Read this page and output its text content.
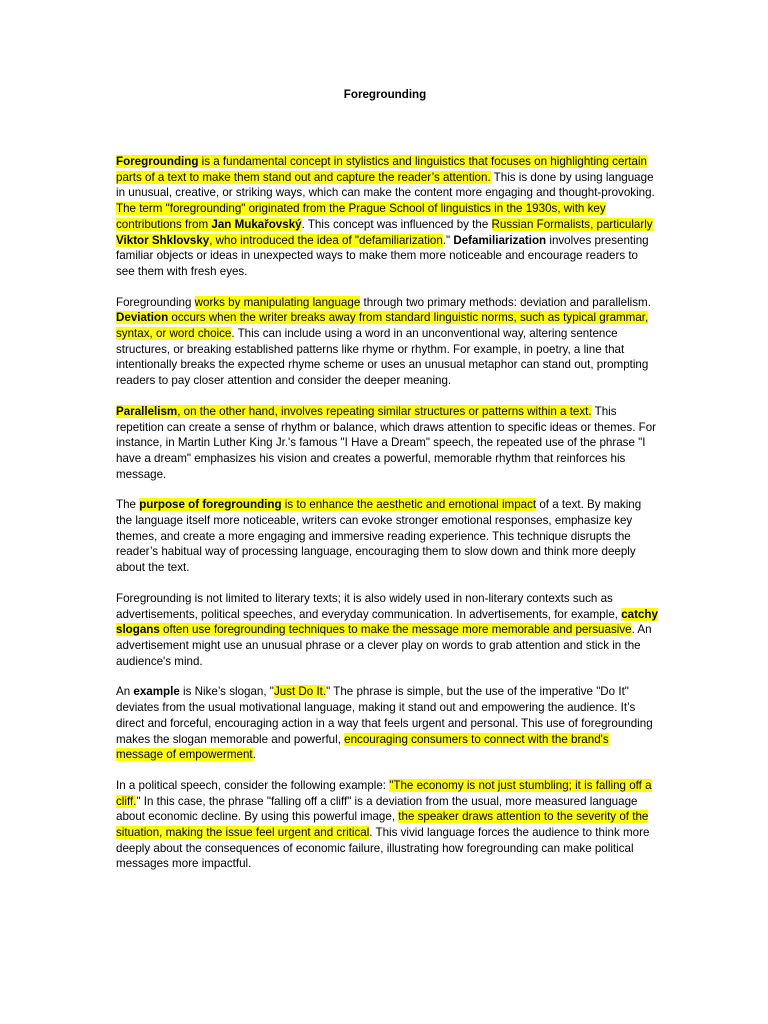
Foregrounding

Foregrounding is a fundamental concept in stylistics and linguistics that focuses on highlighting certain parts of a text to make them stand out and capture the reader’s attention. This is done by using language in unusual, creative, or striking ways, which can make the content more engaging and thought-provoking. The term "foregrounding" originated from the Prague School of linguistics in the 1930s, with key contributions from Jan Mukařovský. This concept was influenced by the Russian Formalists, particularly Viktor Shklovsky, who introduced the idea of "defamiliarization." Defamiliarization involves presenting familiar objects or ideas in unexpected ways to make them more noticeable and encourage readers to see them with fresh eyes.

Foregrounding works by manipulating language through two primary methods: deviation and parallelism. Deviation occurs when the writer breaks away from standard linguistic norms, such as typical grammar, syntax, or word choice. This can include using a word in an unconventional way, altering sentence structures, or breaking established patterns like rhyme or rhythm. For example, in poetry, a line that intentionally breaks the expected rhyme scheme or uses an unusual metaphor can stand out, prompting readers to pay closer attention and consider the deeper meaning.

Parallelism, on the other hand, involves repeating similar structures or patterns within a text. This repetition can create a sense of rhythm or balance, which draws attention to specific ideas or themes. For instance, in Martin Luther King Jr.'s famous "I Have a Dream" speech, the repeated use of the phrase "I have a dream" emphasizes his vision and creates a powerful, memorable rhythm that reinforces his message.

The purpose of foregrounding is to enhance the aesthetic and emotional impact of a text. By making the language itself more noticeable, writers can evoke stronger emotional responses, emphasize key themes, and create a more engaging and immersive reading experience. This technique disrupts the reader’s habitual way of processing language, encouraging them to slow down and think more deeply about the text.

Foregrounding is not limited to literary texts; it is also widely used in non-literary contexts such as advertisements, political speeches, and everyday communication. In advertisements, for example, catchy slogans often use foregrounding techniques to make the message more memorable and persuasive. An advertisement might use an unusual phrase or a clever play on words to grab attention and stick in the audience's mind.

An example is Nike’s slogan, "Just Do It." The phrase is simple, but the use of the imperative "Do It" deviates from the usual motivational language, making it stand out and empowering the audience. It’s direct and forceful, encouraging action in a way that feels urgent and personal. This use of foregrounding makes the slogan memorable and powerful, encouraging consumers to connect with the brand's message of empowerment.

In a political speech, consider the following example: "The economy is not just stumbling; it is falling off a cliff." In this case, the phrase "falling off a cliff" is a deviation from the usual, more measured language about economic decline. By using this powerful image, the speaker draws attention to the severity of the situation, making the issue feel urgent and critical. This vivid language forces the audience to think more deeply about the consequences of economic failure, illustrating how foregrounding can make political messages more impactful.
